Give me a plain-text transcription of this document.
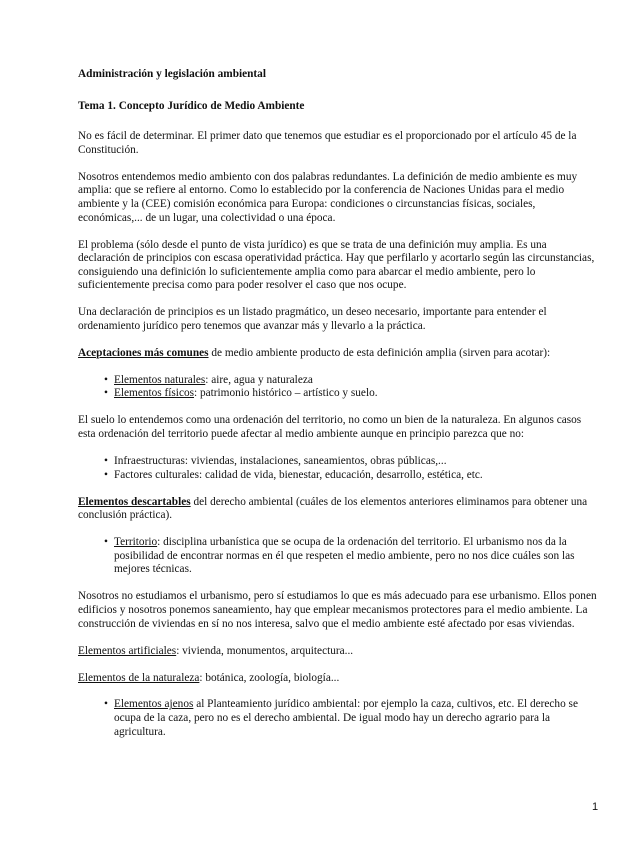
Administración y legislación ambiental

Tema 1. Concepto Jurídico de Medio Ambiente

No es fácil de determinar. El primer dato que tenemos que estudiar es el proporcionado por el artículo 45 de la Constitución.

Nosotros entendemos medio ambiento con dos palabras redundantes. La definición de medio ambiente es muy amplia: que se refiere al entorno. Como lo establecido por la conferencia de Naciones Unidas para el medio ambiente y la (CEE) comisión económica para Europa: condiciones o circunstancias físicas, sociales, económicas,... de un lugar, una colectividad o una época.

El problema (sólo desde el punto de vista jurídico) es que se trata de una definición muy amplia. Es una declaración de principios con escasa operatividad práctica. Hay que perfilarlo y acortarlo según las circunstancias, consiguiendo una definición lo suficientemente amplia como para abarcar el medio ambiente, pero lo suficientemente precisa como para poder resolver el caso que nos ocupe.

Una declaración de principios es un listado pragmático, un deseo necesario, importante para entender el ordenamiento jurídico pero tenemos que avanzar más y llevarlo a la práctica.

Aceptaciones más comunes de medio ambiente producto de esta definición amplia (sirven para acotar):

• Elementos naturales: aire, agua y naturaleza
• Elementos físicos: patrimonio histórico – artístico y suelo.

El suelo lo entendemos como una ordenación del territorio, no como un bien de la naturaleza. En algunos casos esta ordenación del territorio puede afectar al medio ambiente aunque en principio parezca que no:

• Infraestructuras: viviendas, instalaciones, saneamientos, obras públicas,...
• Factores culturales: calidad de vida, bienestar, educación, desarrollo, estética, etc.

Elementos descartables del derecho ambiental (cuáles de los elementos anteriores eliminamos para obtener una conclusión práctica).

• Territorio: disciplina urbanística que se ocupa de la ordenación del territorio. El urbanismo nos da la posibilidad de encontrar normas en él que respeten el medio ambiente, pero no nos dice cuáles son las mejores técnicas.

Nosotros no estudiamos el urbanismo, pero sí estudiamos lo que es más adecuado para ese urbanismo. Ellos ponen edificios y nosotros ponemos saneamiento, hay que emplear mecanismos protectores para el medio ambiente. La construcción de viviendas en sí no nos interesa, salvo que el medio ambiente esté afectado por esas viviendas.

Elementos artificiales: vivienda, monumentos, arquitectura...

Elementos de la naturaleza: botánica, zoología, biología...

• Elementos ajenos al Planteamiento jurídico ambiental: por ejemplo la caza, cultivos, etc. El derecho se ocupa de la caza, pero no es el derecho ambiental. De igual modo hay un derecho agrario para la agricultura.
1
